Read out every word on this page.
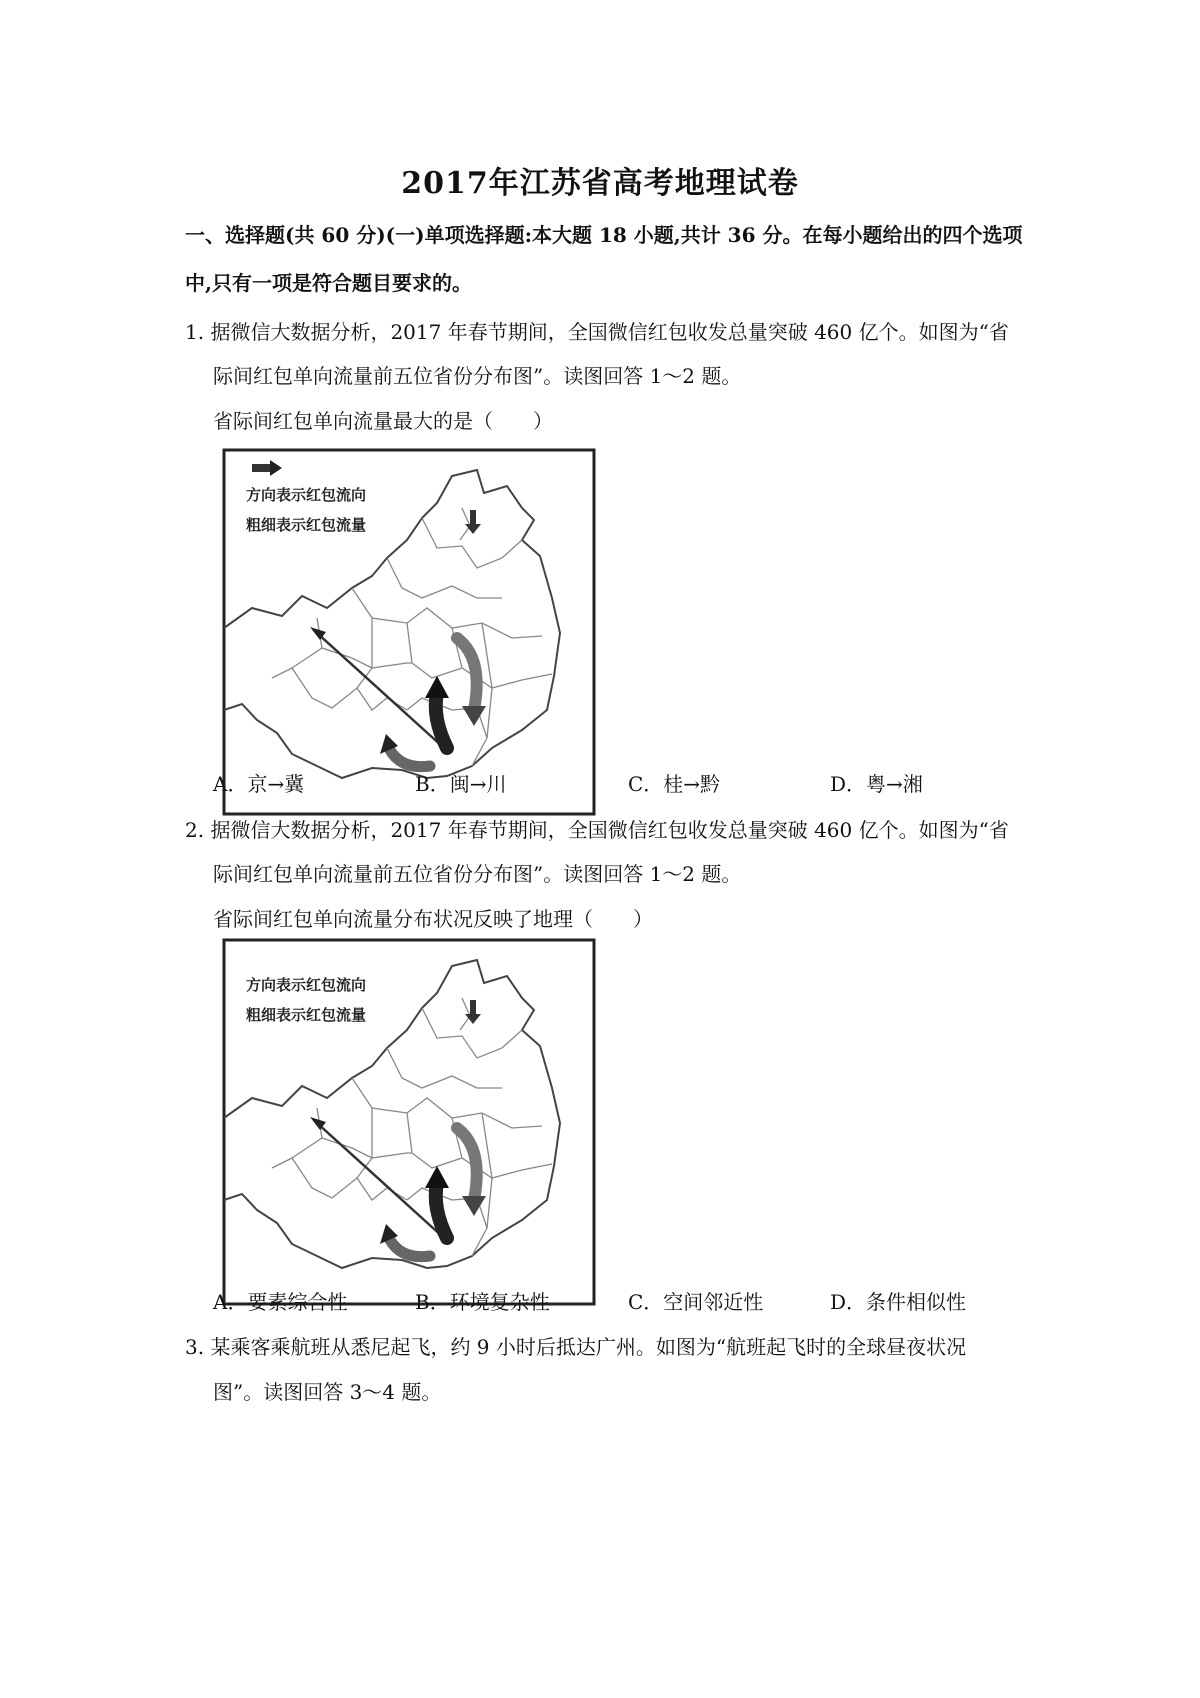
2017年江苏省高考地理试卷
一、选择题(共 60 分)(一)单项选择题:本大题 18 小题,共计 36 分。在每小题给出的四个选项
中,只有一项是符合题目要求的。
1. 据微信大数据分析，2017 年春节期间，全国微信红包收发总量突破 460 亿个。如图为“省
际间红包单向流量前五位省份分布图”。读图回答 1～2 题。
省际间红包单向流量最大的是（　　）
方向表示红包流向
粗细表示红包流量
A．京→冀	B．闽→川	C．桂→黔	D．粤→湘
2. 据微信大数据分析，2017 年春节期间，全国微信红包收发总量突破 460 亿个。如图为“省
际间红包单向流量前五位省份分布图”。读图回答 1～2 题。
省际间红包单向流量分布状况反映了地理（　　）
方向表示红包流向
粗细表示红包流量
A．要素综合性	B．环境复杂性	C．空间邻近性	D．条件相似性
3. 某乘客乘航班从悉尼起飞，约 9 小时后抵达广州。如图为“航班起飞时的全球昼夜状况
图”。读图回答 3～4 题。
